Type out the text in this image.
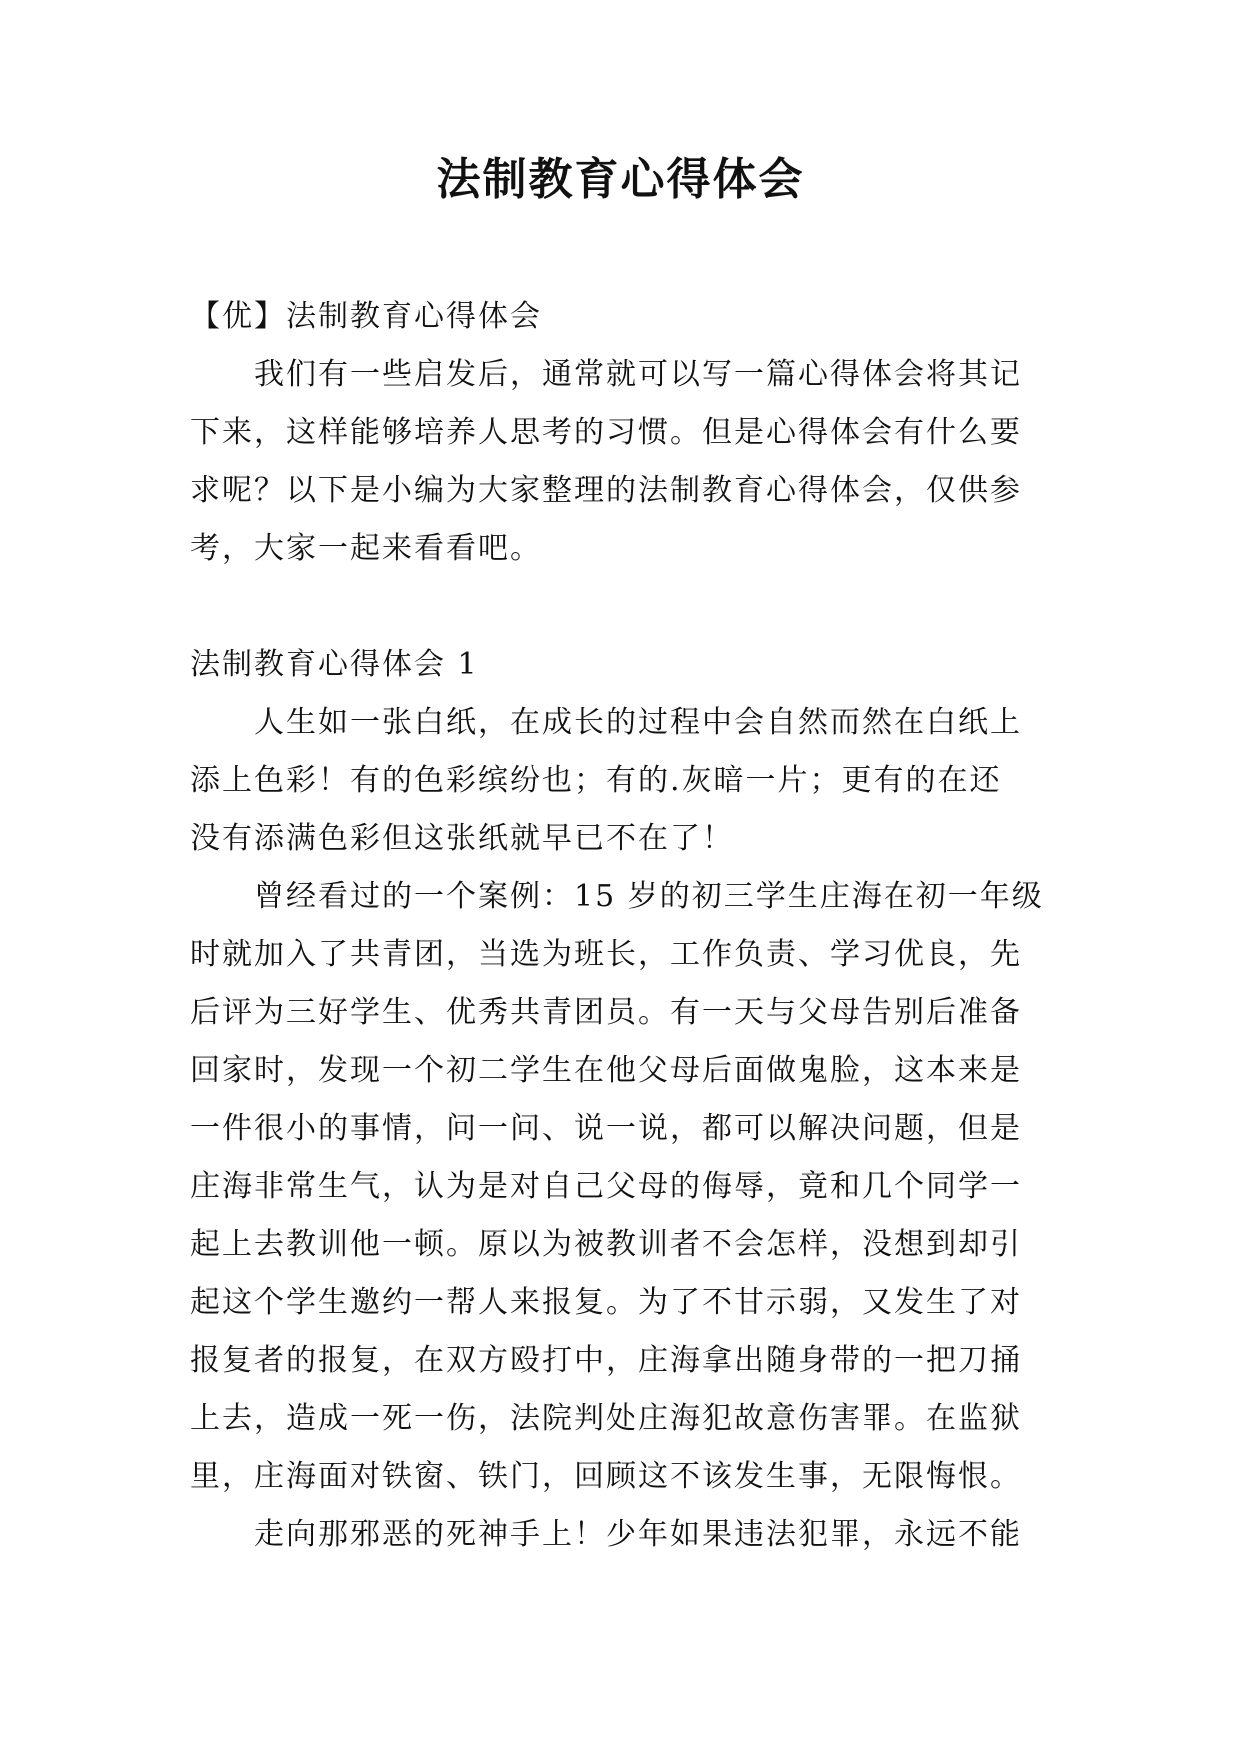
法制教育心得体会

【优】法制教育心得体会

我们有一些启发后，通常就可以写一篇心得体会将其记

下来，这样能够培养人思考的习惯。但是心得体会有什么要

求呢？以下是小编为大家整理的法制教育心得体会，仅供参

考，大家一起来看看吧。

法制教育心得体会 1

人生如一张白纸，在成长的过程中会自然而然在白纸上

添上色彩！有的色彩缤纷也；有的.灰暗一片；更有的在还

没有添满色彩但这张纸就早已不在了！

曾经看过的一个案例：15 岁的初三学生庄海在初一年级

时就加入了共青团，当选为班长，工作负责、学习优良，先

后评为三好学生、优秀共青团员。有一天与父母告别后准备

回家时，发现一个初二学生在他父母后面做鬼脸，这本来是

一件很小的事情，问一问、说一说，都可以解决问题，但是

庄海非常生气，认为是对自己父母的侮辱，竟和几个同学一

起上去教训他一顿。原以为被教训者不会怎样，没想到却引

起这个学生邀约一帮人来报复。为了不甘示弱，又发生了对

报复者的报复，在双方殴打中，庄海拿出随身带的一把刀捅

上去，造成一死一伤，法院判处庄海犯故意伤害罪。在监狱

里，庄海面对铁窗、铁门，回顾这不该发生事，无限悔恨。

走向那邪恶的死神手上！少年如果违法犯罪，永远不能
